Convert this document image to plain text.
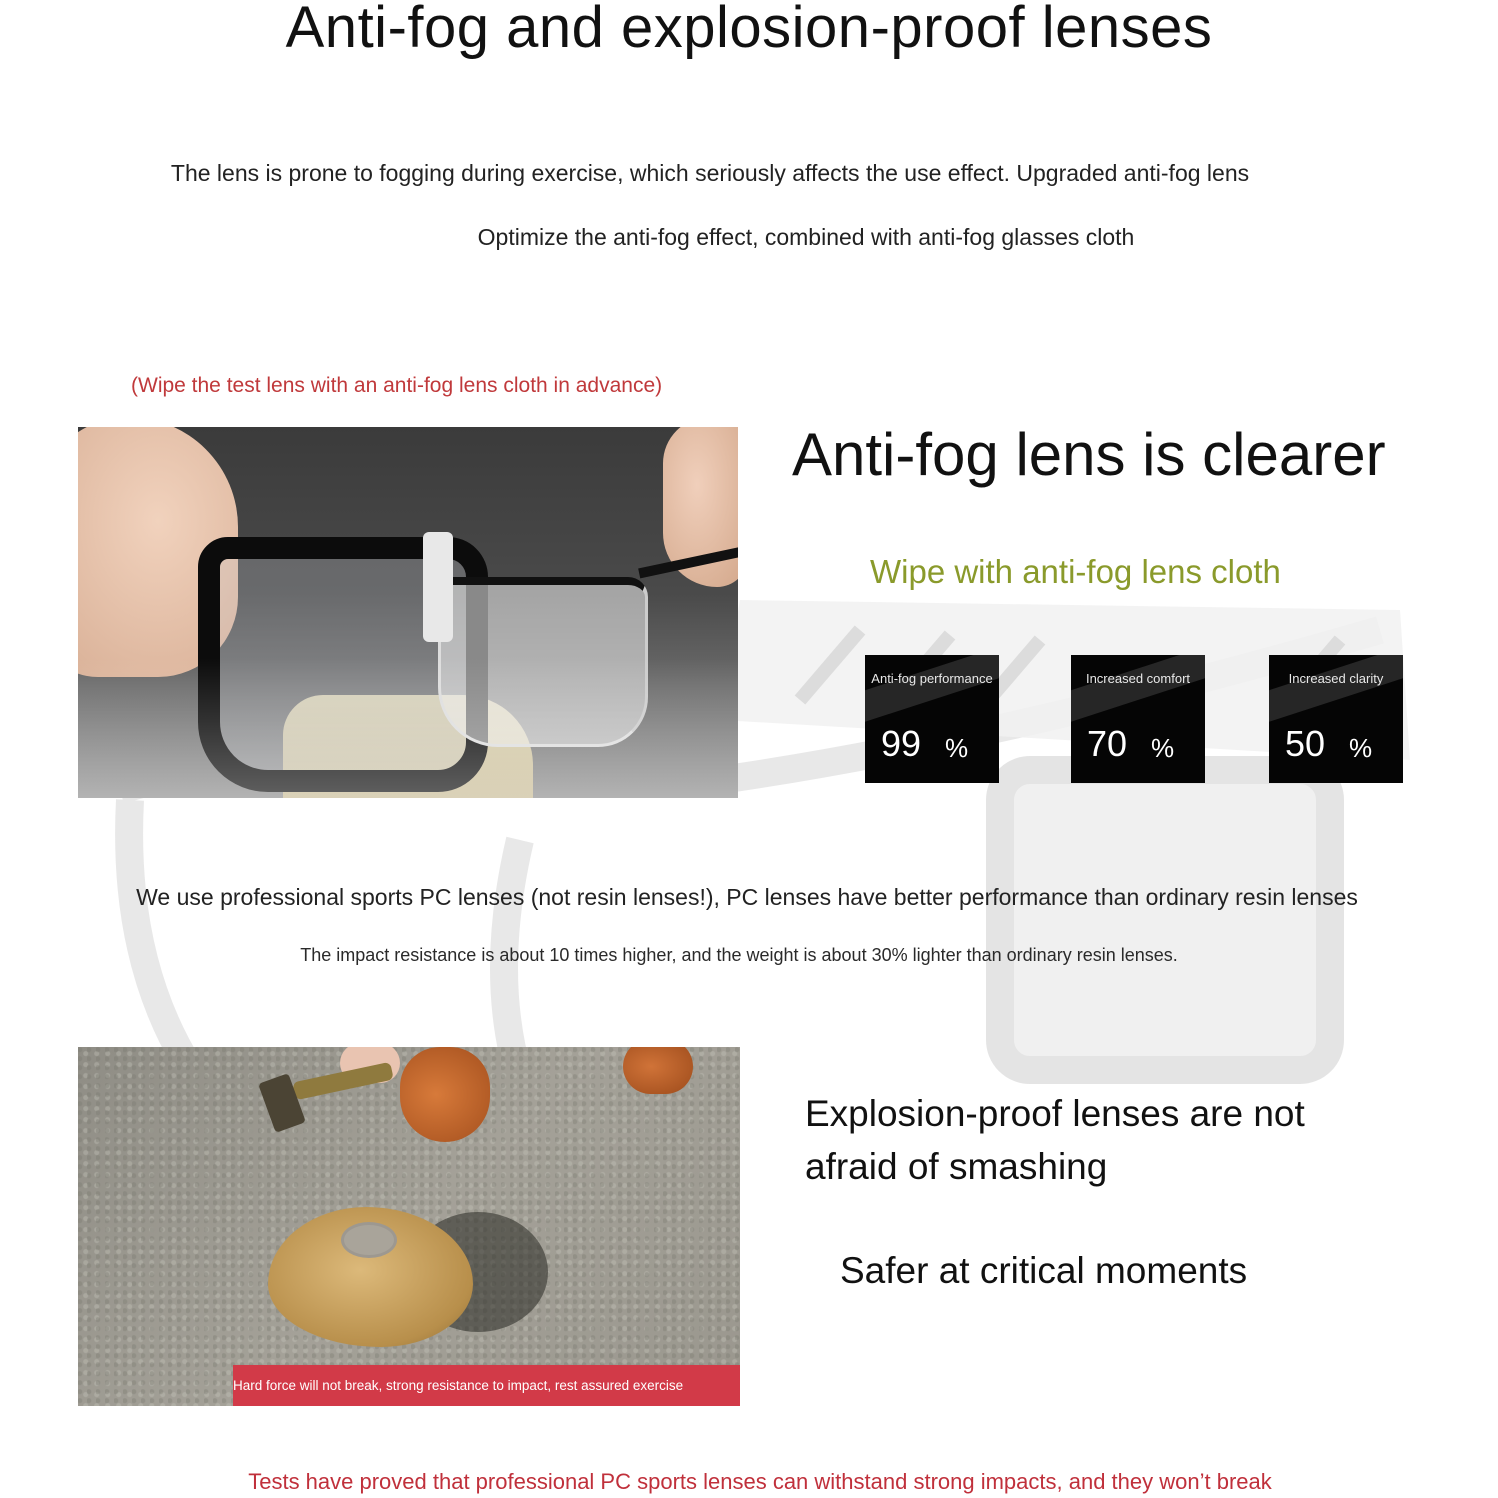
Anti-fog and explosion-proof lenses
The lens is prone to fogging during exercise, which seriously affects the use effect. Upgraded anti-fog lens
Optimize the anti-fog effect, combined with anti-fog glasses cloth
(Wipe the test lens with an anti-fog lens cloth in advance)
Anti-fog lens is clearer
Wipe with anti-fog lens cloth
Anti-fog performance
99 %
Increased comfort
70 %
Increased clarity
50 %
We use professional sports PC lenses (not resin lenses!), PC lenses have better performance than ordinary resin lenses
The impact resistance is about 10 times higher, and the weight is about 30% lighter than ordinary resin lenses.
Hard force will not break, strong resistance to impact, rest assured exercise
Explosion-proof lenses are not
afraid of smashing
Safer at critical moments
Tests have proved that professional PC sports lenses can withstand strong impacts, and they won’t break
